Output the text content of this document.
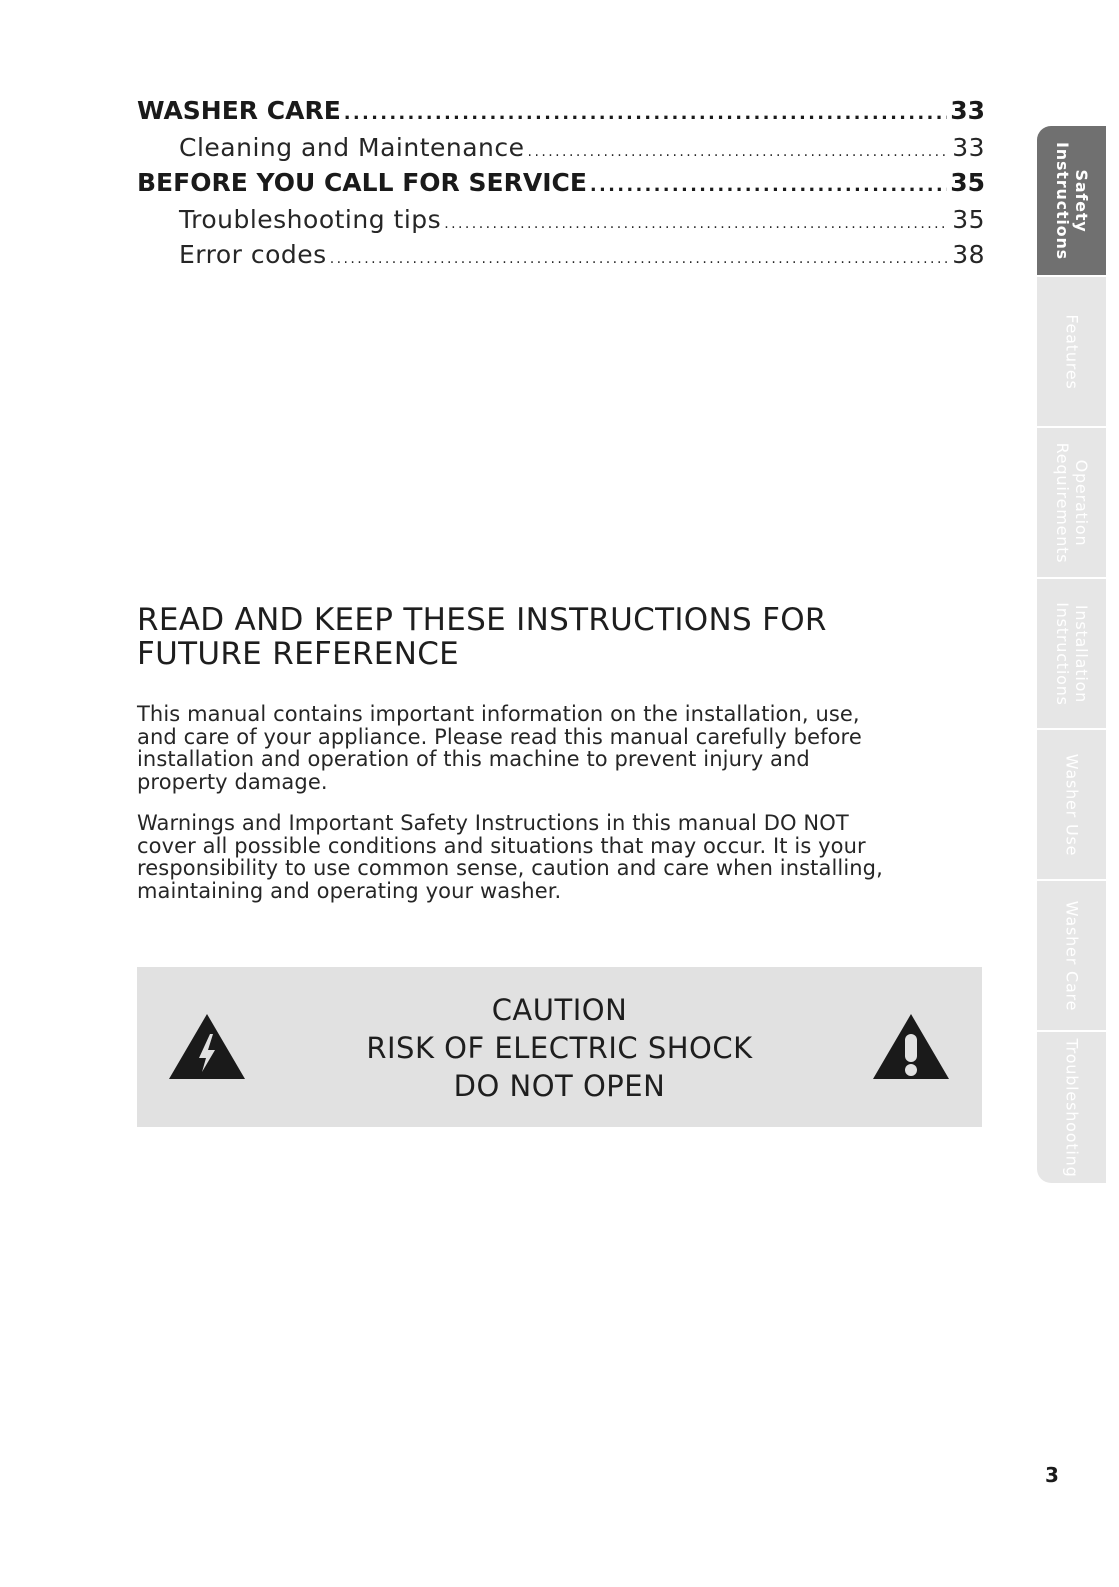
WASHER CARE . . .	33
Cleaning and Maintenance . . .	33
BEFORE YOU CALL FOR SERVICE . . .	35
Troubleshooting tips . . .	35
Error codes . . .	38
READ AND KEEP THESE INSTRUCTIONS FOR
FUTURE REFERENCE

This manual contains important information on the installation, use,
and care of your appliance. Please read this manual carefully before
installation and operation of this machine to prevent injury and
property damage.

Warnings and Important Safety Instructions in this manual DO NOT
cover all possible conditions and situations that may occur. It is your
responsibility to use common sense, caution and care when installing,
maintaining and operating your washer.

CAUTION
RISK OF ELECTRIC SHOCK
DO NOT OPEN
Safety
Instructions
Features
Operation
Requirements
Installation
Instructions
Washer Use
Washer Care
Troubleshooting
3
